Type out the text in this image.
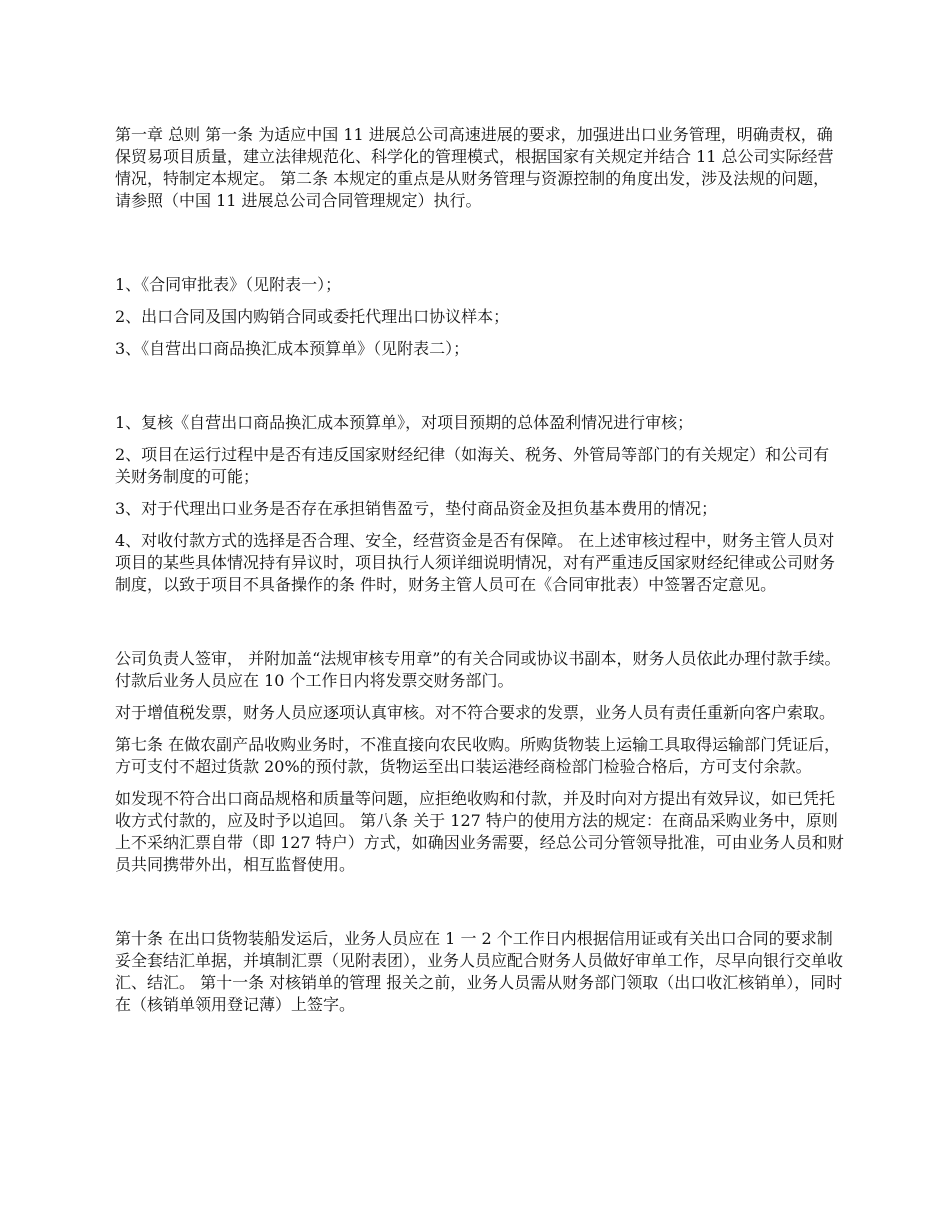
第一章 总则 第一条 为适应中国 11 进展总公司高速进展的要求，加强进出口业务管理，明确责权，确保贸易项目质量，建立法律规范化、科学化的管理模式，根据国家有关规定并结合 11 总公司实际经营情况，特制定本规定。 第二条 本规定的重点是从财务管理与资源控制的角度出发，涉及法规的问题，请参照（中国 11 进展总公司合同管理规定）执行。

1、《合同审批表》（见附表一）；

2、出口合同及国内购销合同或委托代理出口协议样本；

3、《自营出口商品换汇成本预算单》（见附表二）；

1、复核《自营出口商品换汇成本预算单》，对项目预期的总体盈利情况进行审核；

2、项目在运行过程中是否有违反国家财经纪律（如海关、税务、外管局等部门的有关规定）和公司有关财务制度的可能；

3、对于代理出口业务是否存在承担销售盈亏，垫付商品资金及担负基本费用的情况；

4、对收付款方式的选择是否合理、安全，经营资金是否有保障。 在上述审核过程中，财务主管人员对项目的某些具体情况持有异议时，项目执行人须详细说明情况，对有严重违反国家财经纪律或公司财务制度，以致于项目不具备操作的条 件时，财务主管人员可在《合同审批表）中签署否定意见。

公司负责人签审， 并附加盖“法规审核专用章”的有关合同或协议书副本，财务人员依此办理付款手续。付款后业务人员应在 10 个工作日内将发票交财务部门。

对于增值税发票，财务人员应逐项认真审核。对不符合要求的发票，业务人员有责任重新向客户索取。

第七条 在做农副产品收购业务时，不准直接向农民收购。所购货物装上运输工具取得运输部门凭证后，方可支付不超过货款 20%的预付款，货物运至出口装运港经商检部门检验合格后，方可支付余款。

如发现不符合出口商品规格和质量等问题，应拒绝收购和付款，并及时向对方提出有效异议，如已凭托收方式付款的，应及时予以追回。 第八条 关于 127 特户的使用方法的规定：在商品采购业务中，原则上不采纳汇票自带（即 127 特户）方式，如确因业务需要，经总公司分管领导批准，可由业务人员和财员共同携带外出，相互监督使用。

第十条 在出口货物装船发运后，业务人员应在 1 一 2 个工作日内根据信用证或有关出口合同的要求制妥全套结汇单据，并填制汇票（见附表团），业务人员应配合财务人员做好审单工作，尽早向银行交单收汇、结汇。 第十一条 对核销单的管理 报关之前，业务人员需从财务部门领取（出口收汇核销单），同时在（核销单领用登记薄）上签字。
